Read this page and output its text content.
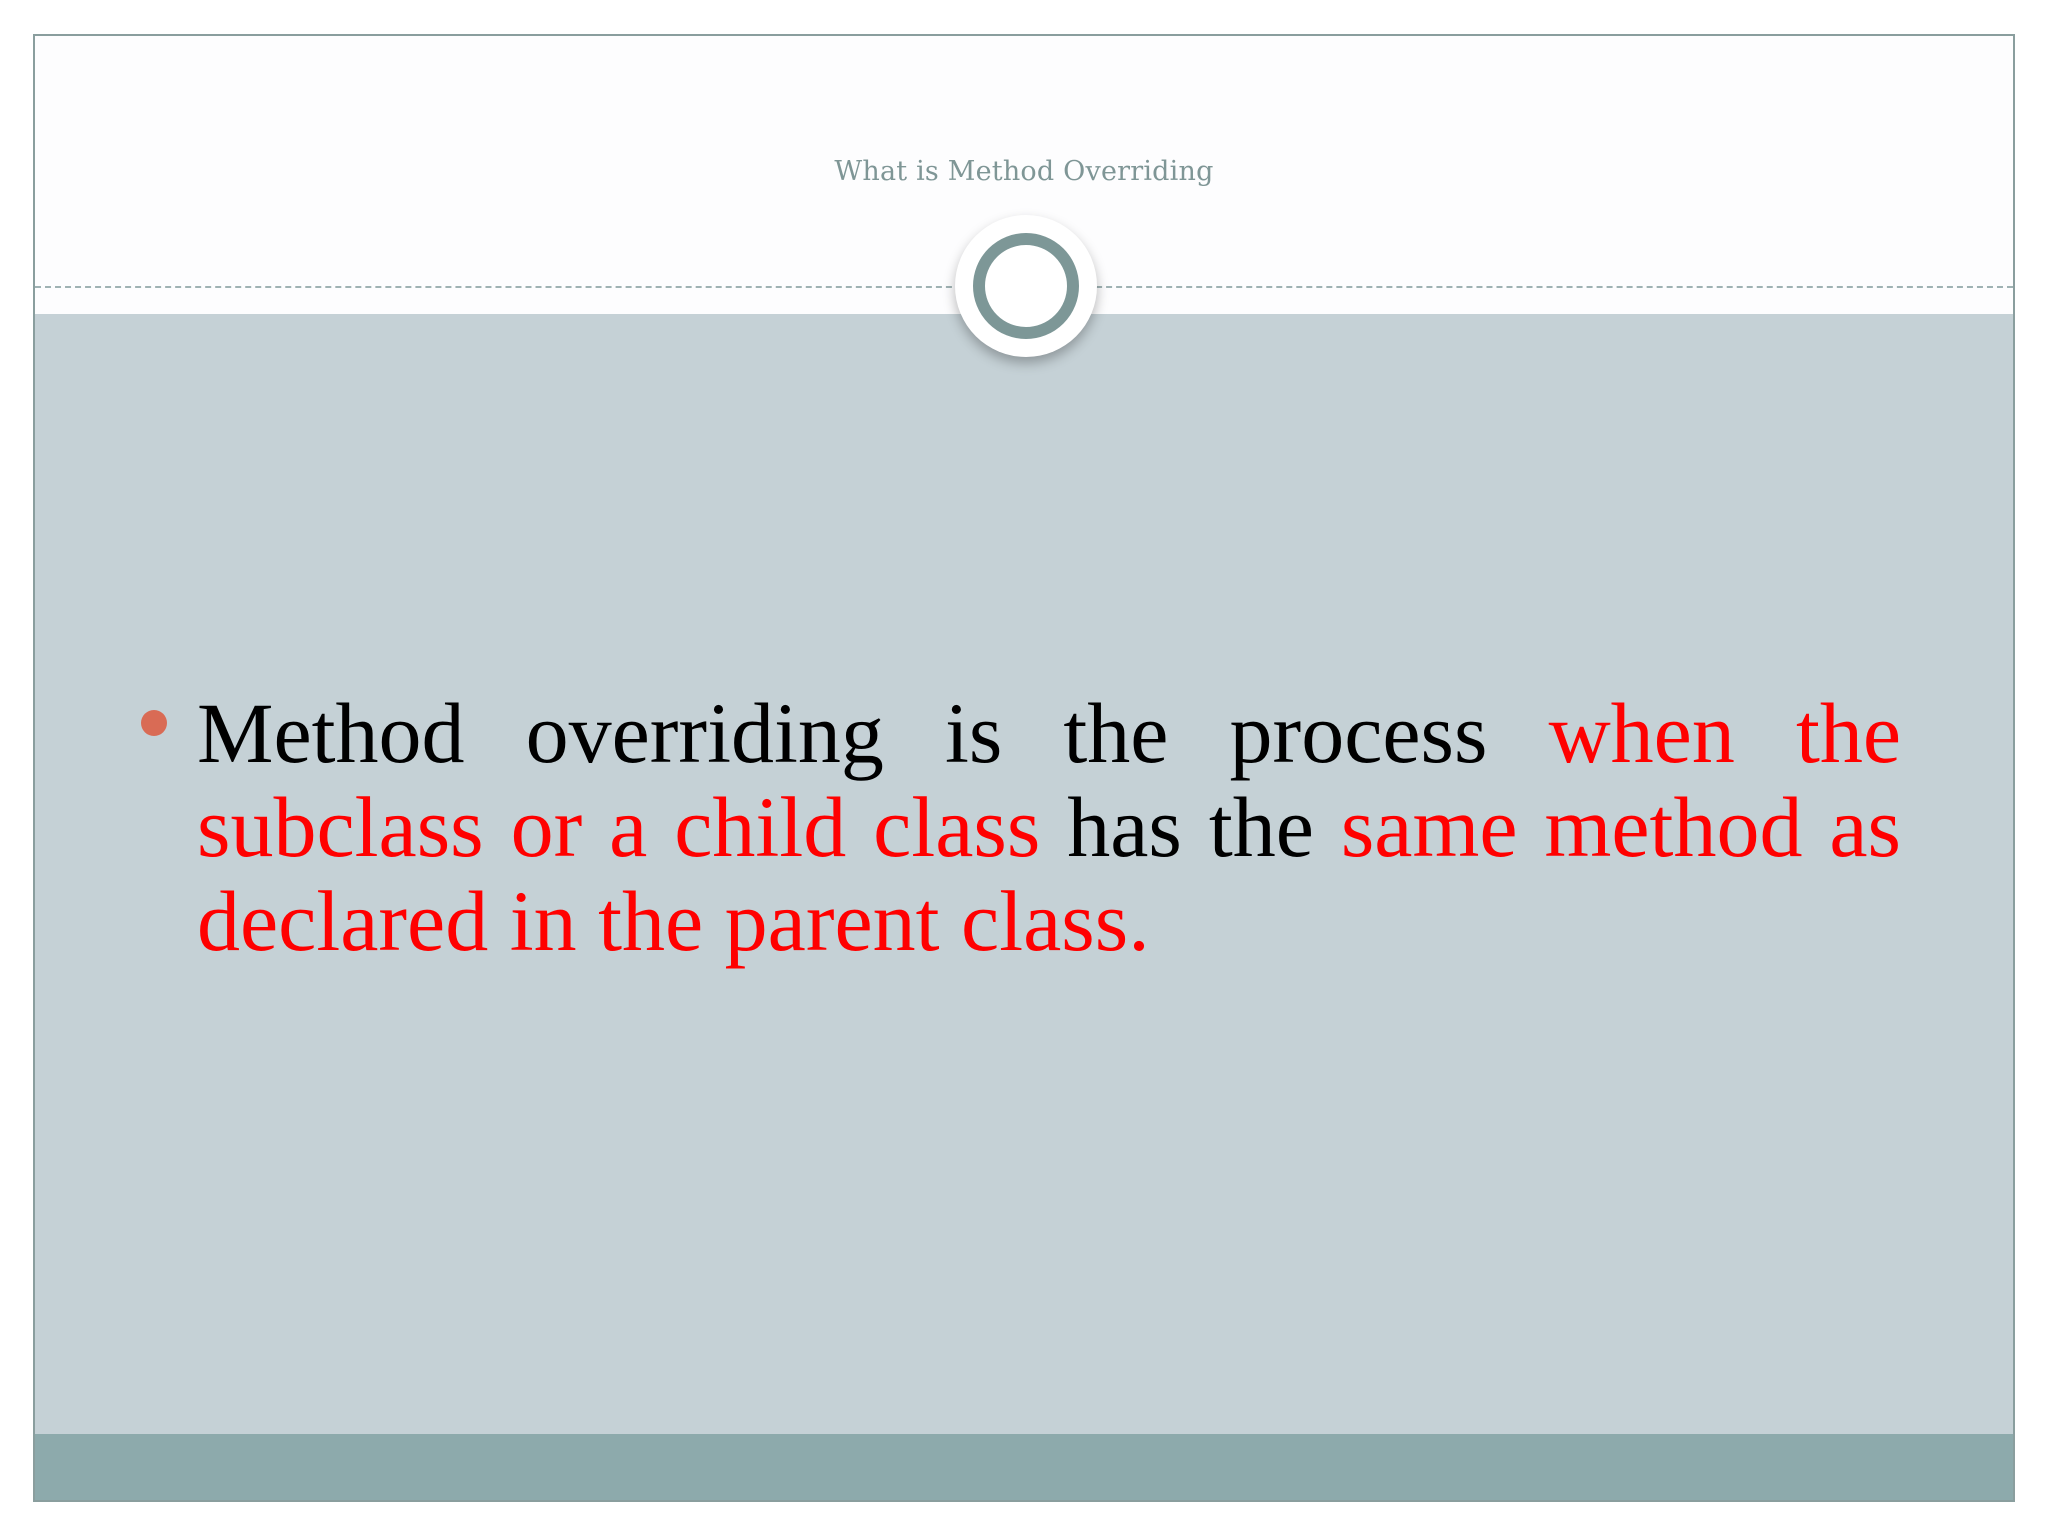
What is Method Overriding
Method overriding is the process when the subclass or a child class has the same method as declared in the parent class.
